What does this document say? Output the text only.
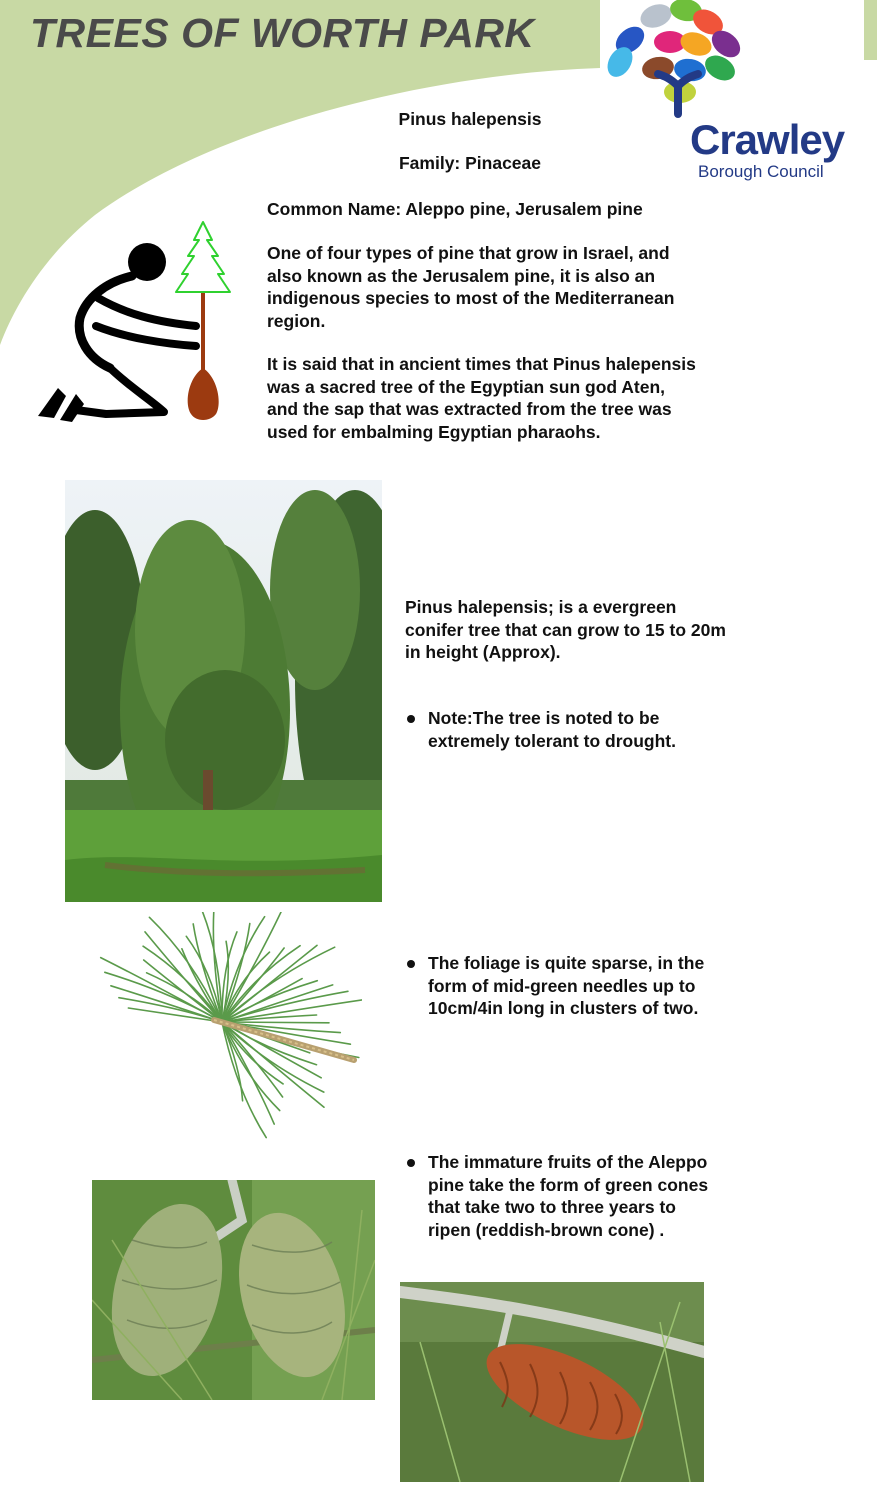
TREES OF WORTH PARK
Crawley
Borough Council

Pinus halepensis

Family: Pinaceae

Common Name: Aleppo pine, Jerusalem pine

One of four types of pine that grow in Israel, and also known as the Jerusalem pine, it is also an indigenous species to most of the Mediterranean region.

It is said that in ancient times that Pinus halepensis was a sacred tree of the Egyptian sun god Aten, and the sap that was extracted from the tree was used for embalming Egyptian pharaohs.

Pinus halepensis; is a evergreen conifer tree that can grow to 15 to 20m in height (Approx).

Note:The tree is noted to be extremely tolerant to drought.
The foliage is quite sparse, in the form of mid-green needles up to 10cm/4in long in clusters of two.
The immature fruits of the Aleppo pine take the form of green cones that take two to three years to ripen (reddish-brown cone) .
